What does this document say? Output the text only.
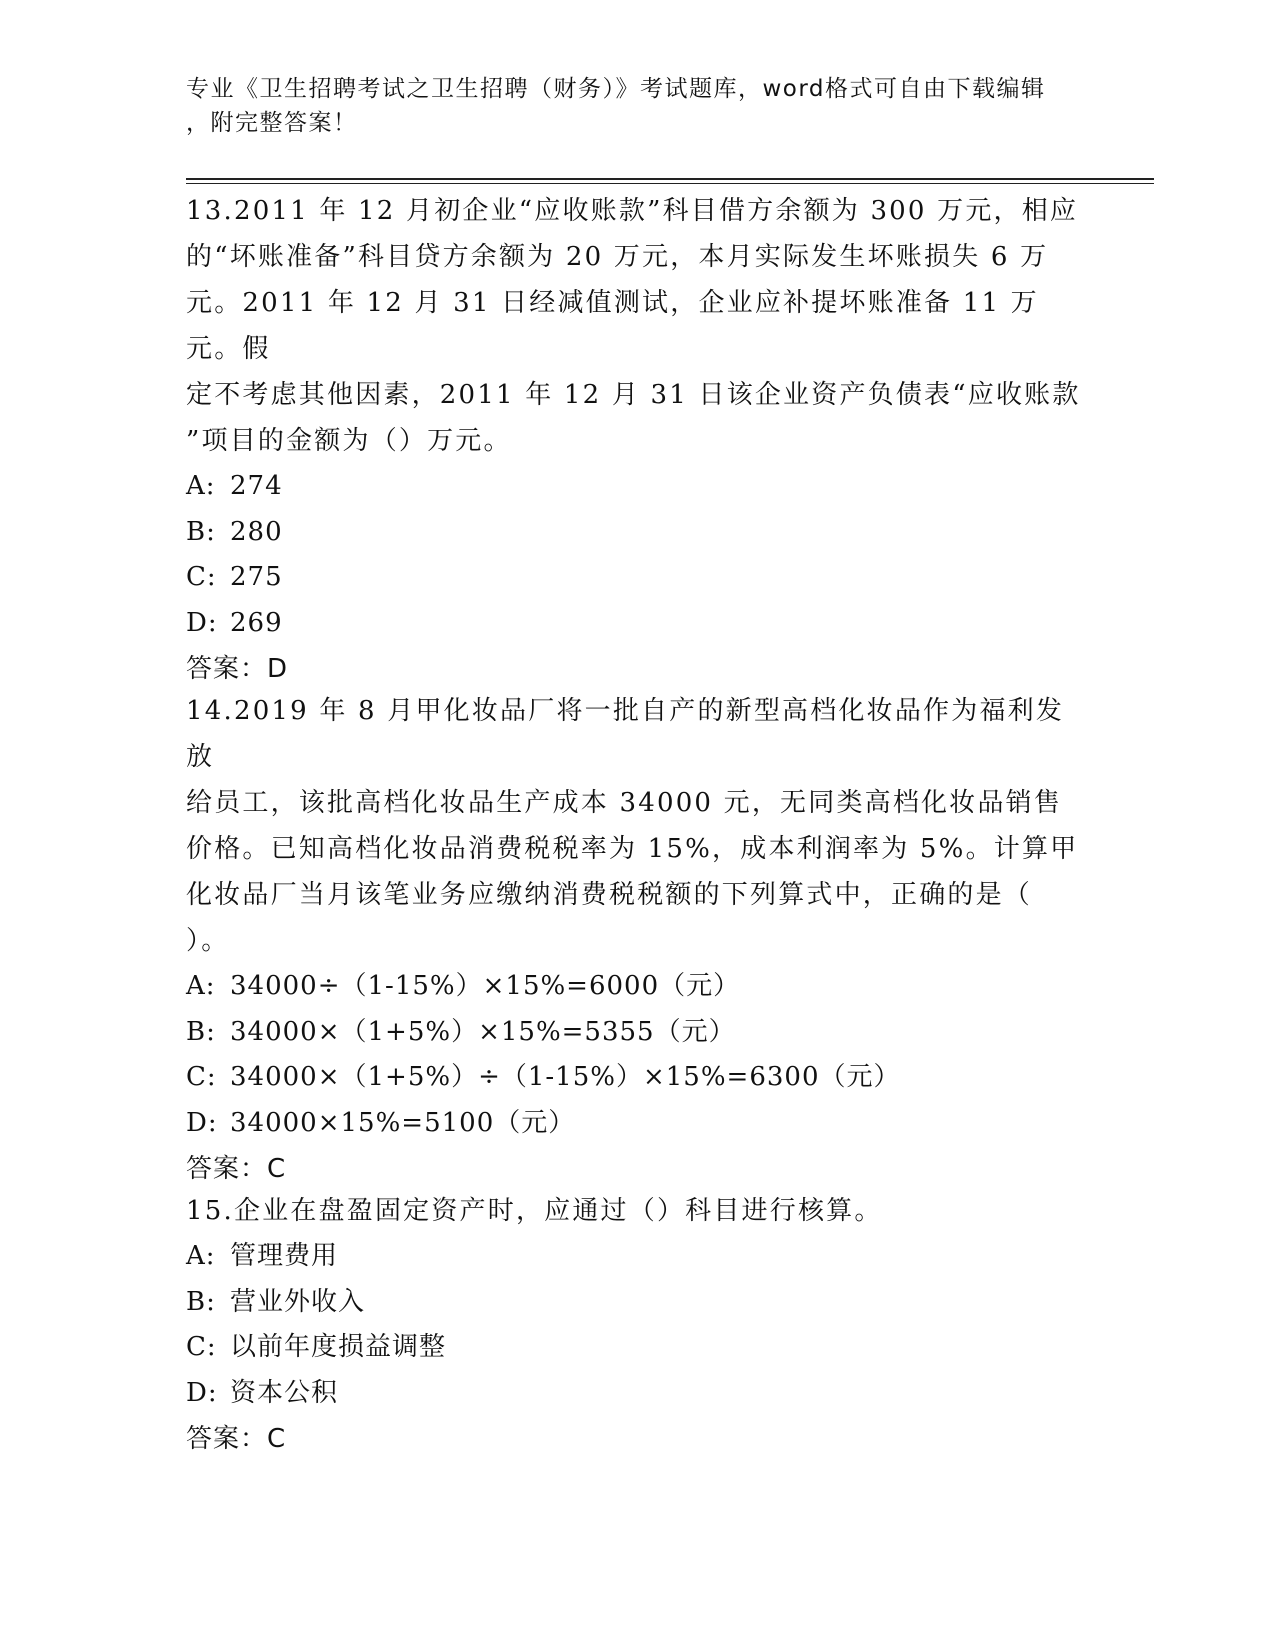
专业《卫生招聘考试之卫生招聘（财务）》考试题库，word格式可自由下载编辑
，附完整答案！

13.2011 年 12 月初企业“应收账款”科目借方余额为 300 万元，相应
的“坏账准备”科目贷方余额为 20 万元，本月实际发生坏账损失 6 万
元。2011 年 12 月 31 日经减值测试，企业应补提坏账准备 11 万元。假
定不考虑其他因素，2011 年 12 月 31 日该企业资产负债表“应收账款
”项目的金额为（）万元。

A: 274
B: 280
C: 275
D: 269
答案：D

14.2019 年 8 月甲化妆品厂将一批自产的新型高档化妆品作为福利发放
给员工，该批高档化妆品生产成本 34000 元，无同类高档化妆品销售
价格。已知高档化妆品消费税税率为 15%，成本利润率为 5%。计算甲
化妆品厂当月该笔业务应缴纳消费税税额的下列算式中，正确的是（
）。

A: 34000÷（1-15%）×15%=6000（元）
B: 34000×（1+5%）×15%=5355（元）
C: 34000×（1+5%）÷（1-15%）×15%=6300（元）
D: 34000×15%=5100（元）
答案：C

15.企业在盘盈固定资产时，应通过（）科目进行核算。

A: 管理费用
B: 营业外收入
C: 以前年度损益调整
D: 资本公积
答案：C
